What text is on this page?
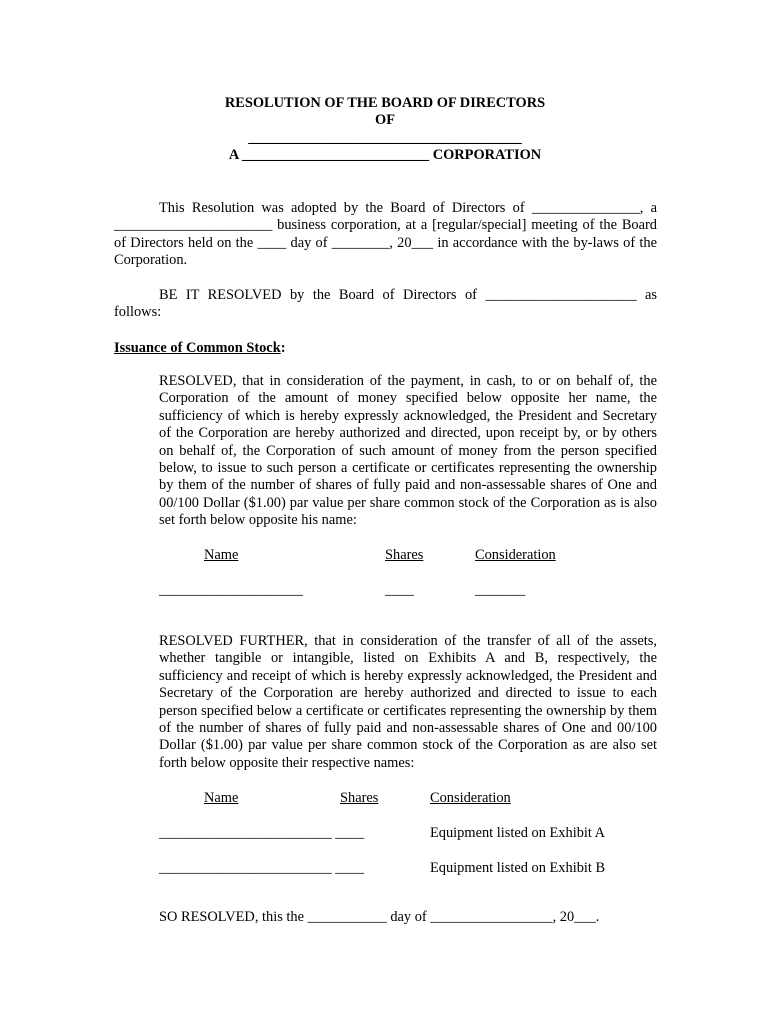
RESOLUTION OF THE BOARD OF DIRECTORS

OF

______________________________________

A __________________________ CORPORATION

This Resolution was adopted by the Board of Directors of _______________, a ______________________ business corporation, at a [regular/special] meeting of the Board of Directors held on the ____ day of ________, 20___ in accordance with the by-laws of the Corporation.

BE IT RESOLVED by the Board of Directors of _____________________ as follows:

Issuance of Common Stock:

RESOLVED, that in consideration of the payment, in cash, to or on behalf of, the Corporation of the amount of money specified below opposite her name, the sufficiency of which is hereby expressly acknowledged, the President and Secretary of the Corporation are hereby authorized and directed, upon receipt by, or by others on behalf of, the Corporation of such amount of money from the person specified below, to issue to such person a certificate or certificates representing the ownership by them of the number of shares of fully paid and non-assessable shares of One and 00/100 Dollar ($1.00) par value per share common stock of the Corporation as is also set forth below opposite his name:

Name	Shares	Consideration
____________________	____	_______

RESOLVED FURTHER, that in consideration of the transfer of all of the assets, whether tangible or intangible, listed on Exhibits A and B, respectively, the sufficiency and receipt of which is hereby expressly acknowledged, the President and Secretary of the Corporation are hereby authorized and directed to issue to each person specified below a certificate or certificates representing the ownership by them of the number of shares of fully paid and non-assessable shares of One and 00/100 Dollar ($1.00) par value per share common stock of the Corporation as are also set forth below opposite their respective names:

Name	Shares	Consideration
________________________ ____	Equipment listed on Exhibit A
________________________ ____	Equipment listed on Exhibit B

SO RESOLVED, this the ___________ day of _________________, 20___.
